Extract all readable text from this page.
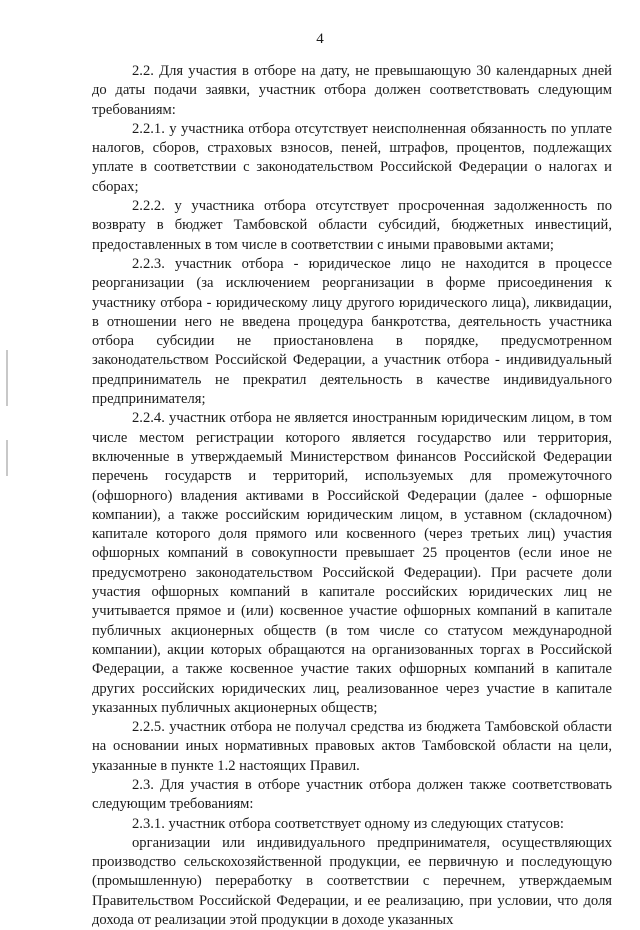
4

2.2. Для участия в отборе на дату, не превышающую 30 календарных дней до даты подачи заявки, участник отбора должен соответствовать следующим требованиям:

2.2.1. у участника отбора отсутствует неисполненная обязанность по уплате налогов, сборов, страховых взносов, пеней, штрафов, процентов, подлежащих уплате в соответствии с законодательством Российской Федерации о налогах и сборах;

2.2.2. у участника отбора отсутствует просроченная задолженность по возврату в бюджет Тамбовской области субсидий, бюджетных инвестиций, предоставленных в том числе в соответствии с иными правовыми актами;

2.2.3. участник отбора - юридическое лицо не находится в процессе реорганизации (за исключением реорганизации в форме присоединения к участнику отбора - юридическому лицу другого юридического лица), ликвидации, в отношении него не введена процедура банкротства, деятельность участника отбора субсидии не приостановлена в порядке, предусмотренном законодательством Российской Федерации, а участник отбора - индивидуальный предприниматель не прекратил деятельность в качестве индивидуального предпринимателя;

2.2.4. участник отбора не является иностранным юридическим лицом, в том числе местом регистрации которого является государство или территория, включенные в утверждаемый Министерством финансов Российской Федерации перечень государств и территорий, используемых для промежуточного (офшорного) владения активами в Российской Федерации (далее - офшорные компании), а также российским юридическим лицом, в уставном (складочном) капитале которого доля прямого или косвенного (через третьих лиц) участия офшорных компаний в совокупности превышает 25 процентов (если иное не предусмотрено законодательством Российской Федерации). При расчете доли участия офшорных компаний в капитале российских юридических лиц не учитывается прямое и (или) косвенное участие офшорных компаний в капитале публичных акционерных обществ (в том числе со статусом международной компании), акции которых обращаются на организованных торгах в Российской Федерации, а также косвенное участие таких офшорных компаний в капитале других российских юридических лиц, реализованное через участие в капитале указанных публичных акционерных обществ;

2.2.5. участник отбора не получал средства из бюджета Тамбовской области на основании иных нормативных правовых актов Тамбовской области на цели, указанные в пункте 1.2 настоящих Правил.

2.3. Для участия в отборе участник отбора должен также соответствовать следующим требованиям:

2.3.1. участник отбора соответствует одному из следующих статусов:

организации или индивидуального предпринимателя, осуществляющих производство сельскохозяйственной продукции, ее первичную и последующую (промышленную) переработку в соответствии с перечнем, утверждаемым Правительством Российской Федерации, и ее реализацию, при условии, что доля дохода от реализации этой продукции в доходе указанных
